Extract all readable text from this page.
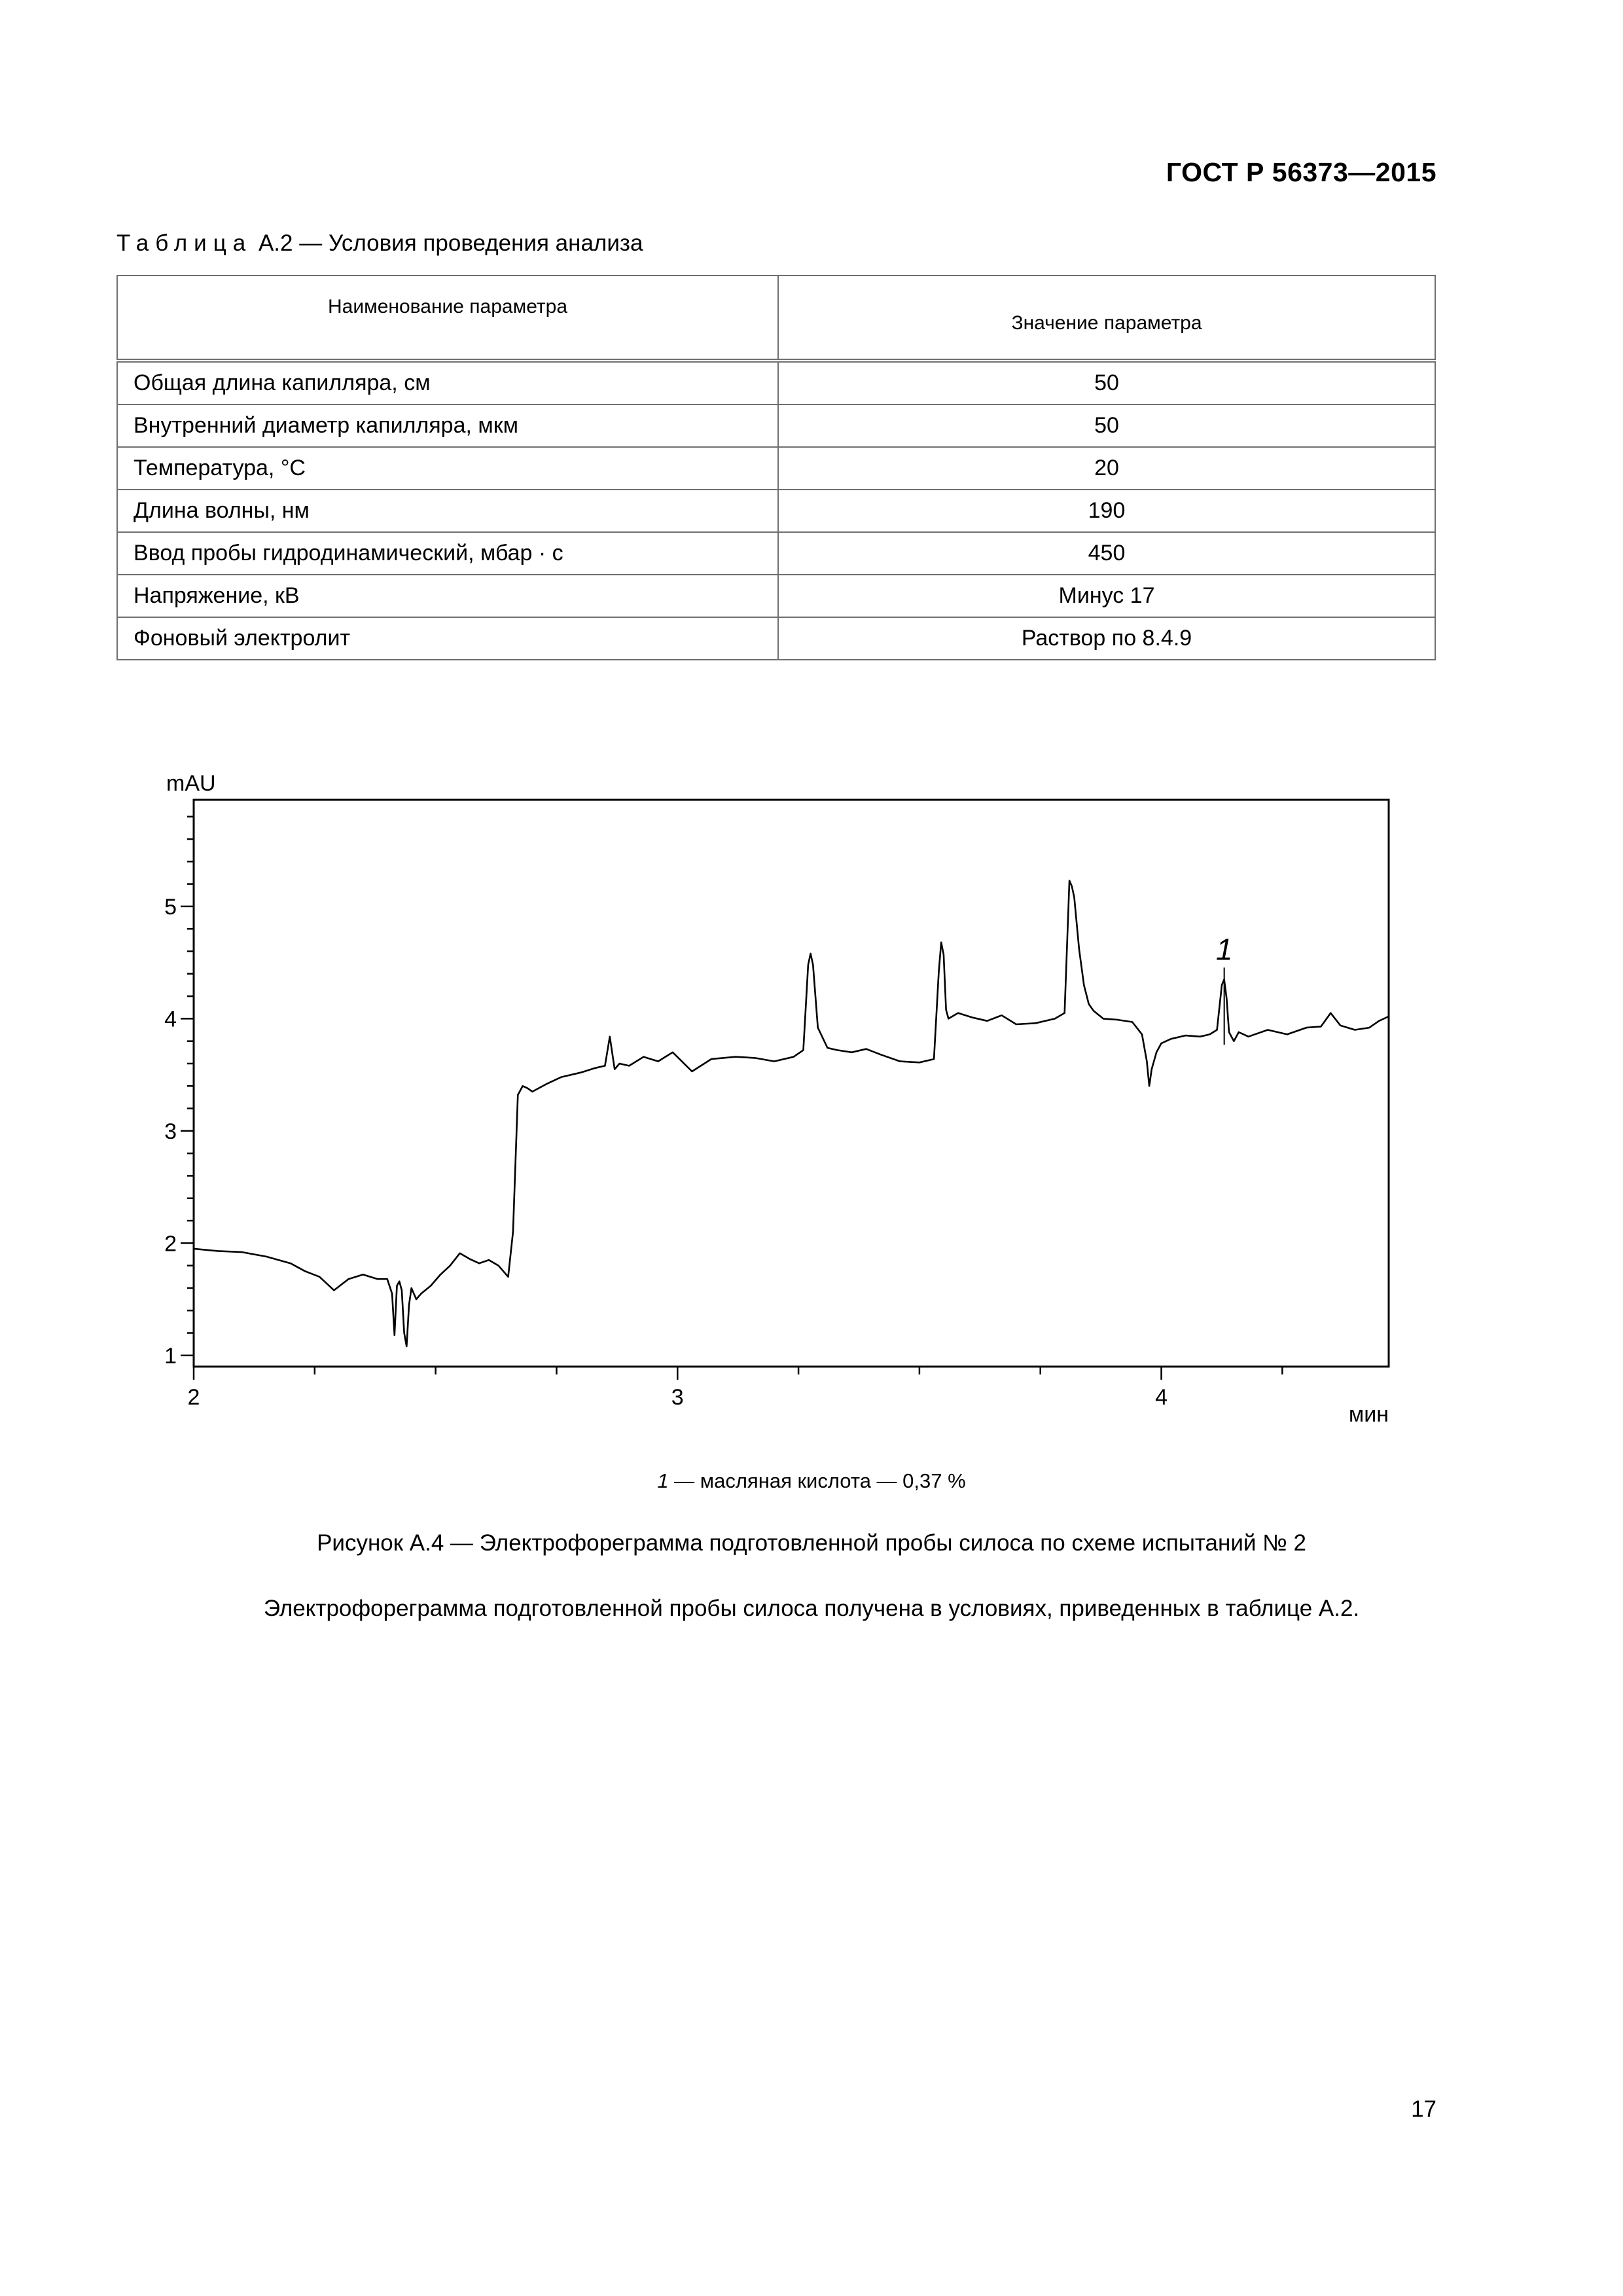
ГОСТ Р 56373—2015
Таблица А.2 — Условия проведения анализа
Наименование параметра	Значение параметра
Общая длина капилляра, см	50
Внутренний диаметр капилляра, мкм	50
Температура, °С	20
Длина волны, нм	190
Ввод пробы гидродинамический, мбар · с	450
Напряжение, кВ	Минус 17
Фоновый электролит	Раствор по 8.4.9
1
2
3
4
5
2	3	4
1
mAU
мин
1 — масляная кислота — 0,37 %
Рисунок А.4 — Электрофореграмма подготовленной пробы силоса по схеме испытаний № 2
Электрофореграмма подготовленной пробы силоса получена в условиях, приведенных в таблице А.2.
17
